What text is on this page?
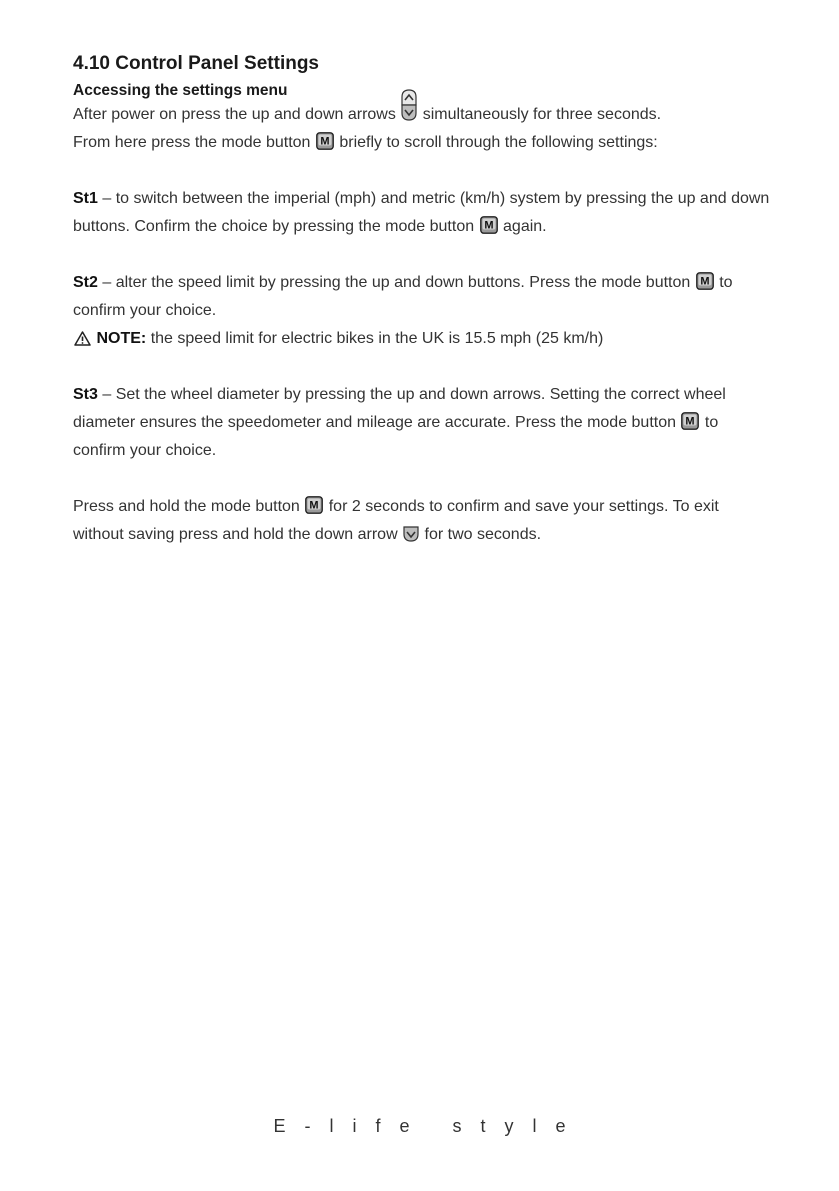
4.10 Control Panel Settings
Accessing the settings menu

After power on press the up and down arrows simultaneously for three seconds.
From here press the mode button M briefly to scroll through the following settings:

St1 – to switch between the imperial (mph) and metric (km/h) system by pressing the up and down buttons. Confirm the choice by pressing the mode button M again.

St2 – alter the speed limit by pressing the up and down buttons. Press the mode button M to confirm your choice.

NOTE: the speed limit for electric bikes in the UK is 15.5 mph (25 km/h)

St3 – Set the wheel diameter by pressing the up and down arrows. Setting the correct wheel diameter ensures the speedometer and mileage are accurate. Press the mode button M to confirm your choice.

Press and hold the mode button M for 2 seconds to confirm and save your settings. To exit without saving press and hold the down arrow for two seconds.

E-life style
